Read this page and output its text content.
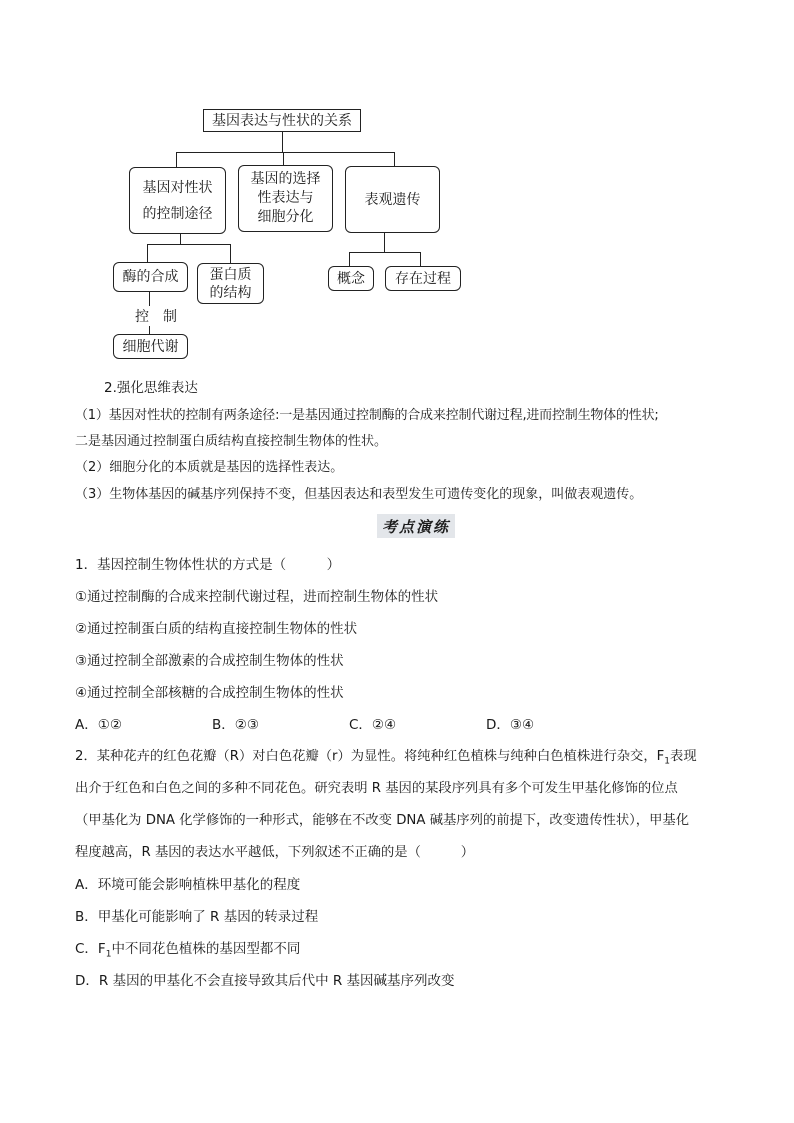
基因表达与性状的关系
基因对性状
的控制途径
基因的选择
性表达与
细胞分化
表观遗传
酶的合成 蛋白质
的结构
控　制
细胞代谢
概念 存在过程
2.强化思维表达
（1）基因对性状的控制有两条途径:一是基因通过控制酶的合成来控制代谢过程,进而控制生物体的性状;
二是基因通过控制蛋白质结构直接控制生物体的性状。
（2）细胞分化的本质就是基因的选择性表达。
（3）生物体基因的碱基序列保持不变，但基因表达和表型发生可遗传变化的现象，叫做表观遗传。
考点演练
1．基因控制生物体性状的方式是（　　　）
①通过控制酶的合成来控制代谢过程，进而控制生物体的性状
②通过控制蛋白质的结构直接控制生物体的性状
③通过控制全部激素的合成控制生物体的性状
④通过控制全部核糖的合成控制生物体的性状
A．①②	B．②③	C．②④	D．③④
2．某种花卉的红色花瓣（R）对白色花瓣（r）为显性。将纯种红色植株与纯种白色植株进行杂交，$F_1$表现
出介于红色和白色之间的多种不同花色。研究表明 R 基因的某段序列具有多个可发生甲基化修饰的位点
（甲基化为 DNA 化学修饰的一种形式，能够在不改变 DNA 碱基序列的前提下，改变遗传性状），甲基化
程度越高，R 基因的表达水平越低，下列叙述不正确的是（　　　）
A．环境可能会影响植株甲基化的程度
B．甲基化可能影响了 R 基因的转录过程
C．$F_1$中不同花色植株的基因型都不同
D．R 基因的甲基化不会直接导致其后代中 R 基因碱基序列改变
